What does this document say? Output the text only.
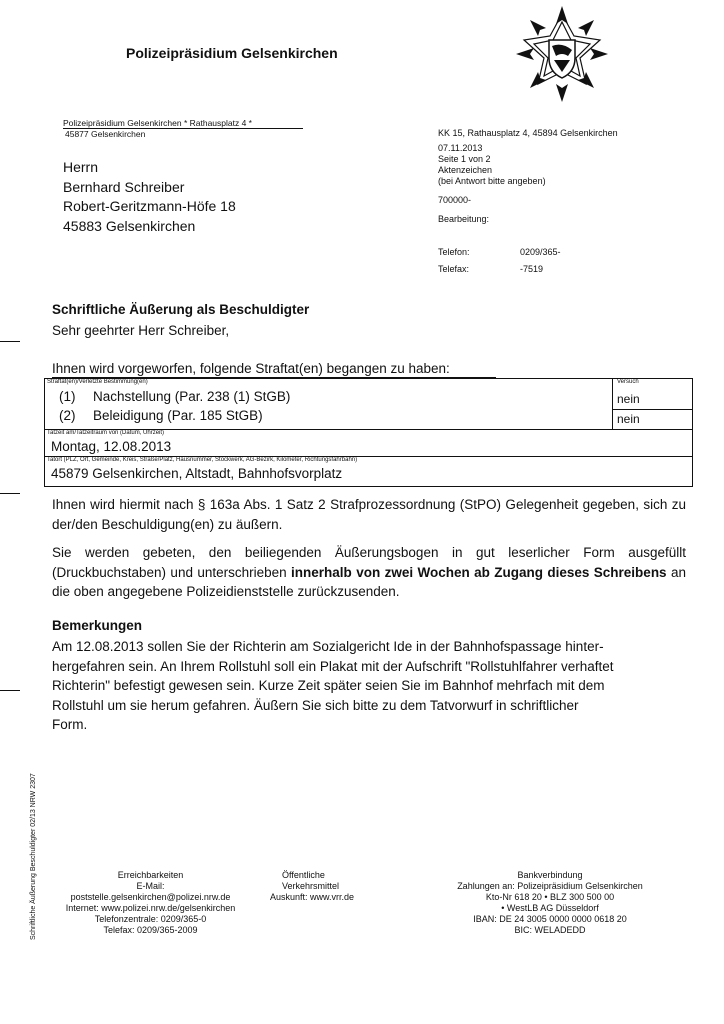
Polizeipräsidium Gelsenkirchen
Polizeipräsidium Gelsenkirchen * Rathausplatz 4 *
45877 Gelsenkirchen
Herrn
Bernhard Schreiber
Robert-Geritzmann-Höfe 18
45883 Gelsenkirchen
KK 15, Rathausplatz 4, 45894 Gelsenkirchen
07.11.2013
Seite 1 von 2
Aktenzeichen
(bei Antwort bitte angeben)
700000-
Bearbeitung:
Telefon:	0209/365-
Telefax:	-7519
Schriftliche Äußerung als Beschuldigter
Sehr geehrter Herr Schreiber,
Ihnen wird vorgeworfen, folgende Straftat(en) begangen zu haben:
Straftat(en)/Verletzte Bestimmung(en)	Versuch
(1) Nachstellung (Par. 238 (1) StGB)	nein
(2) Beleidigung (Par. 185 StGB)	nein
Tatzeit am/Tatzeitraum von (Datum, Uhrzeit)
Montag, 12.08.2013
Tatort (PLZ, Ort, Gemeinde, Kreis, Straße/Platz, Hausnummer, Stockwerk, AG-Bezirk, Kilometer, Richtungsfahrbahn)
45879 Gelsenkirchen, Altstadt, Bahnhofsvorplatz
Ihnen wird hiermit nach § 163a Abs. 1 Satz 2 Strafprozessordnung (StPO) Gelegenheit gegeben, sich zu der/den Beschuldigung(en) zu äußern.
Sie werden gebeten, den beiliegenden Äußerungsbogen in gut leserlicher Form ausgefüllt (Druckbuchstaben) und unterschrieben innerhalb von zwei Wochen ab Zugang dieses Schreibens an die oben angegebene Polizeidienststelle zurückzusenden.
Bemerkungen
Am 12.08.2013 sollen Sie der Richterin am Sozialgericht Ide in der Bahnhofspassage hinter-
hergefahren sein. An Ihrem Rollstuhl soll ein Plakat mit der Aufschrift "Rollstuhlfahrer verhaftet
Richterin" befestigt gewesen sein. Kurze Zeit später seien Sie im Bahnhof mehrfach mit dem
Rollstuhl um sie herum gefahren. Äußern Sie sich bitte zu dem Tatvorwurf in schriftlicher
Form.
Schriftliche Äußerung Beschuldigter 02/13 NRW 2307	Erreichbarkeiten
E-Mail:
poststelle.gelsenkirchen@polizei.nrw.de
Internet: www.polizei.nrw.de/gelsenkirchen
Telefonzentrale: 0209/365-0
Telefax: 0209/365-2009
Öffentliche Verkehrsmittel
Auskunft: www.vrr.de
Bankverbindung
Zahlungen an: Polizeipräsidium Gelsenkirchen
Kto-Nr 618 20 • BLZ 300 500 00
• WestLB AG Düsseldorf
IBAN: DE 24 3005 0000 0000 0618 20
BIC: WELADEDD
